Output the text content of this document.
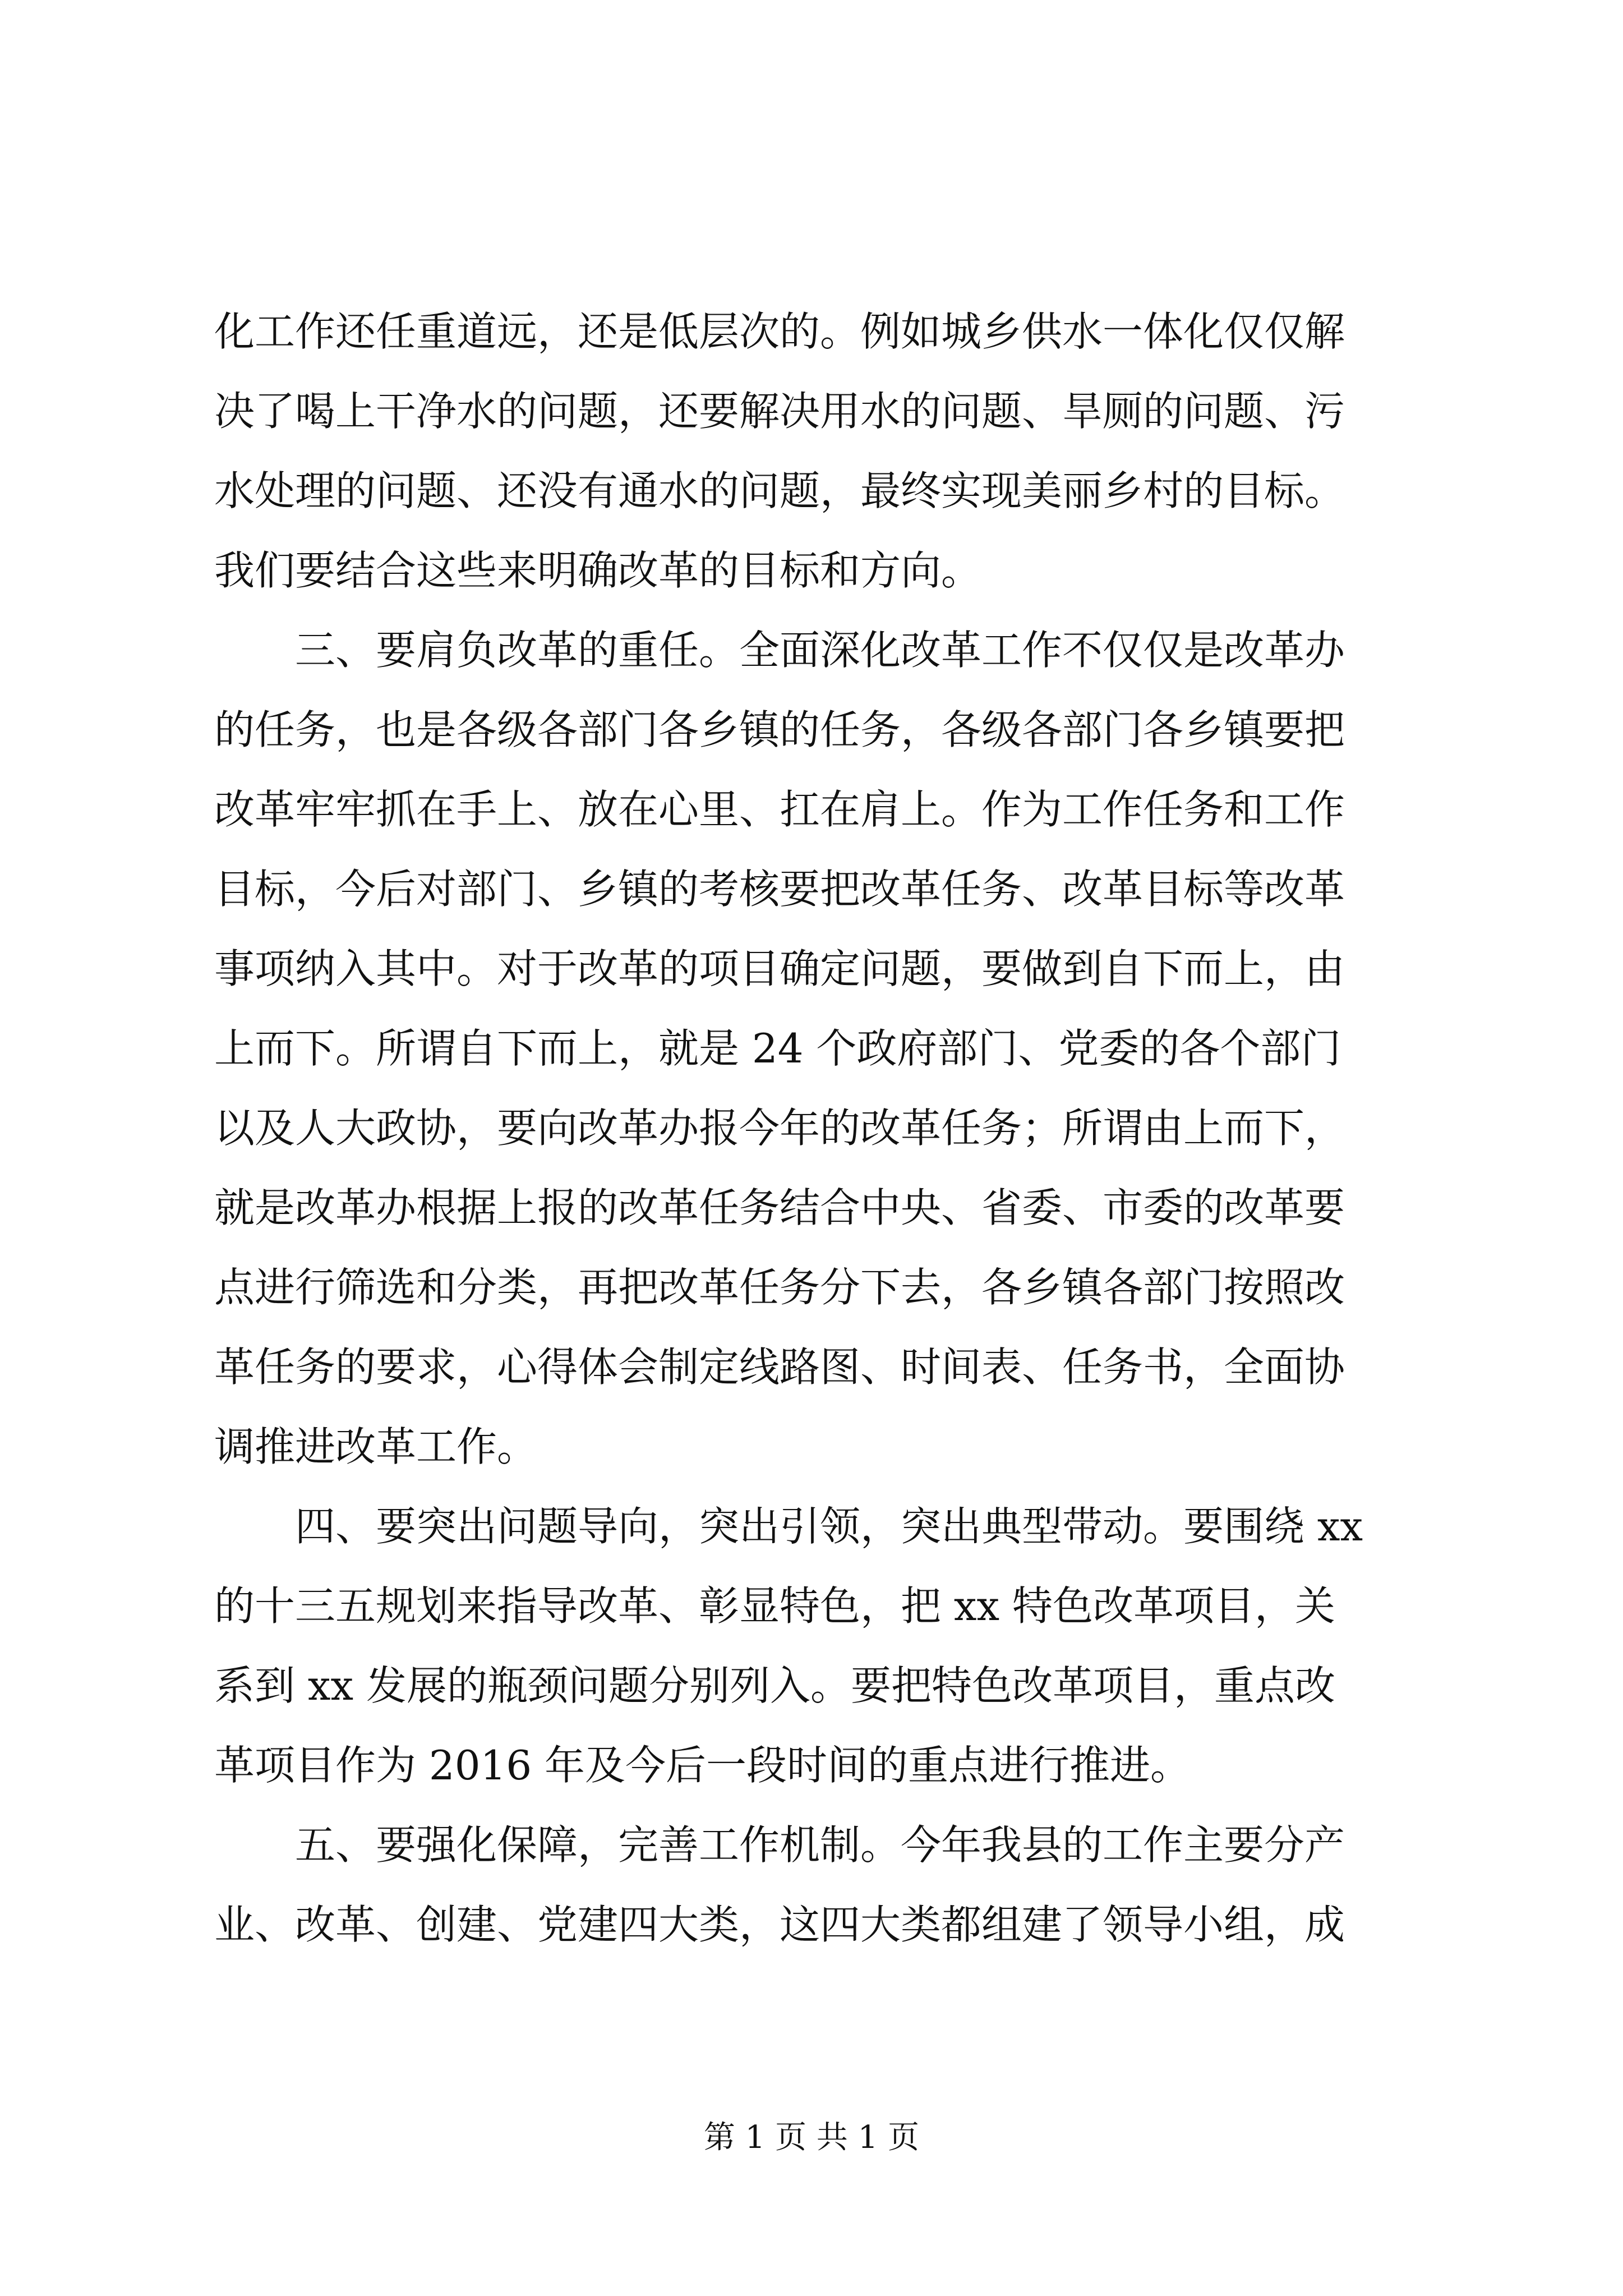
化工作还任重道远，还是低层次的。例如城乡供水一体化仅仅解
决了喝上干净水的问题，还要解决用水的问题、旱厕的问题、污
水处理的问题、还没有通水的问题，最终实现美丽乡村的目标。
我们要结合这些来明确改革的目标和方向。
三、要肩负改革的重任。全面深化改革工作不仅仅是改革办
的任务，也是各级各部门各乡镇的任务，各级各部门各乡镇要把
改革牢牢抓在手上、放在心里、扛在肩上。作为工作任务和工作
目标，今后对部门、乡镇的考核要把改革任务、改革目标等改革
事项纳入其中。对于改革的项目确定问题，要做到自下而上，由
上而下。所谓自下而上，就是 24 个政府部门、党委的各个部门
以及人大政协，要向改革办报今年的改革任务；所谓由上而下，
就是改革办根据上报的改革任务结合中央、省委、市委的改革要
点进行筛选和分类，再把改革任务分下去，各乡镇各部门按照改
革任务的要求，心得体会制定线路图、时间表、任务书，全面协
调推进改革工作。
四、要突出问题导向，突出引领，突出典型带动。要围绕 xx
的十三五规划来指导改革、彰显特色，把 xx 特色改革项目，关
系到 xx 发展的瓶颈问题分别列入。要把特色改革项目，重点改
革项目作为 2016 年及今后一段时间的重点进行推进。
五、要强化保障，完善工作机制。今年我县的工作主要分产
业、改革、创建、党建四大类，这四大类都组建了领导小组，成
第 1 页 共 1 页
